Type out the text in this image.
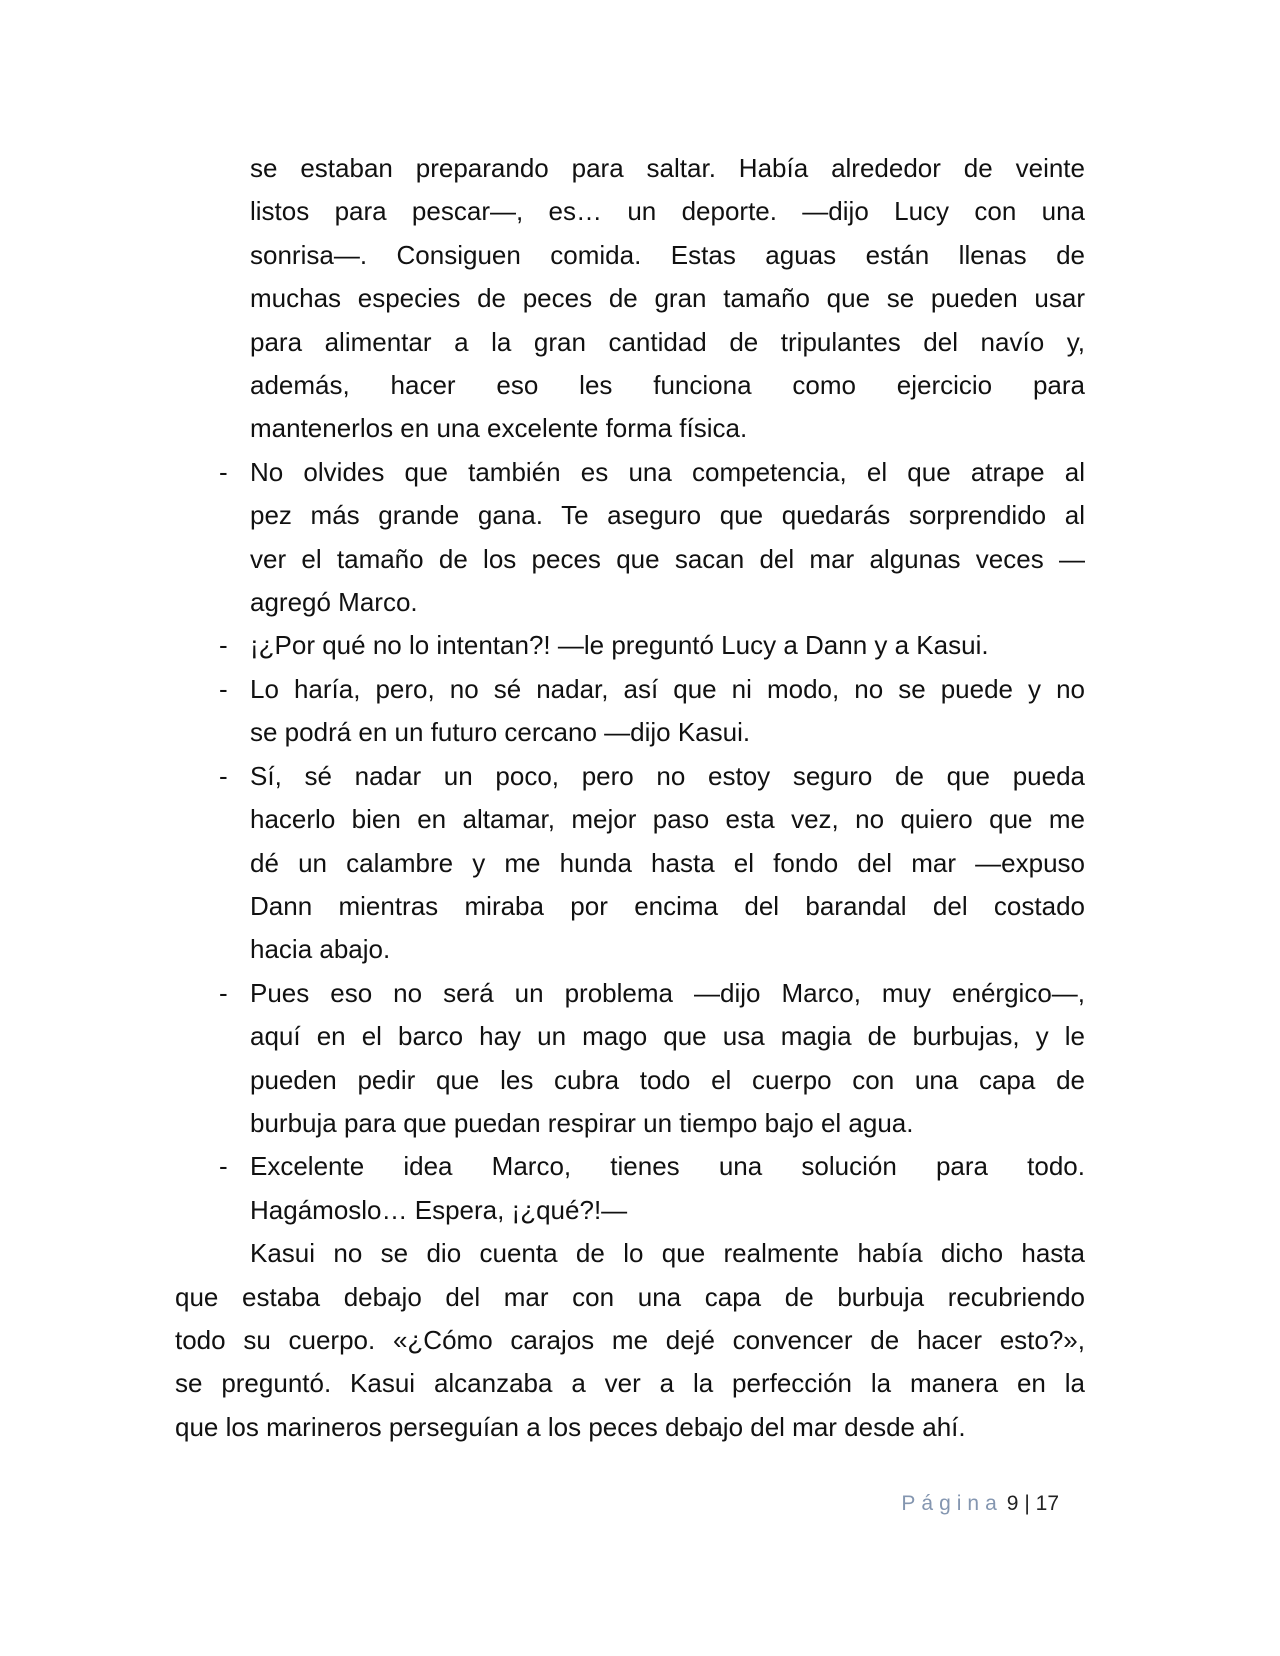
se estaban preparando para saltar. Había alrededor de veinte
listos para pescar—, es… un deporte. —dijo Lucy con una
sonrisa—. Consiguen comida. Estas aguas están llenas de
muchas especies de peces de gran tamaño que se pueden usar
para alimentar a la gran cantidad de tripulantes del navío y,
además, hacer eso les funciona como ejercicio para
mantenerlos en una excelente forma física.
- No olvides que también es una competencia, el que atrape al
pez más grande gana. Te aseguro que quedarás sorprendido al
ver el tamaño de los peces que sacan del mar algunas veces —
agregó Marco.
- ¡¿Por qué no lo intentan?! —le preguntó Lucy a Dann y a Kasui.
- Lo haría, pero, no sé nadar, así que ni modo, no se puede y no
se podrá en un futuro cercano —dijo Kasui.
- Sí, sé nadar un poco, pero no estoy seguro de que pueda
hacerlo bien en altamar, mejor paso esta vez, no quiero que me
dé un calambre y me hunda hasta el fondo del mar —expuso
Dann mientras miraba por encima del barandal del costado
hacia abajo.
- Pues eso no será un problema —dijo Marco, muy enérgico—,
aquí en el barco hay un mago que usa magia de burbujas, y le
pueden pedir que les cubra todo el cuerpo con una capa de
burbuja para que puedan respirar un tiempo bajo el agua.
- Excelente idea Marco, tienes una solución para todo.
Hagámoslo… Espera, ¡¿qué?!—
Kasui no se dio cuenta de lo que realmente había dicho hasta
que estaba debajo del mar con una capa de burbuja recubriendo
todo su cuerpo. «¿Cómo carajos me dejé convencer de hacer esto?»,
se preguntó. Kasui alcanzaba a ver a la perfección la manera en la
que los marineros perseguían a los peces debajo del mar desde ahí.
Página 9 | 17
